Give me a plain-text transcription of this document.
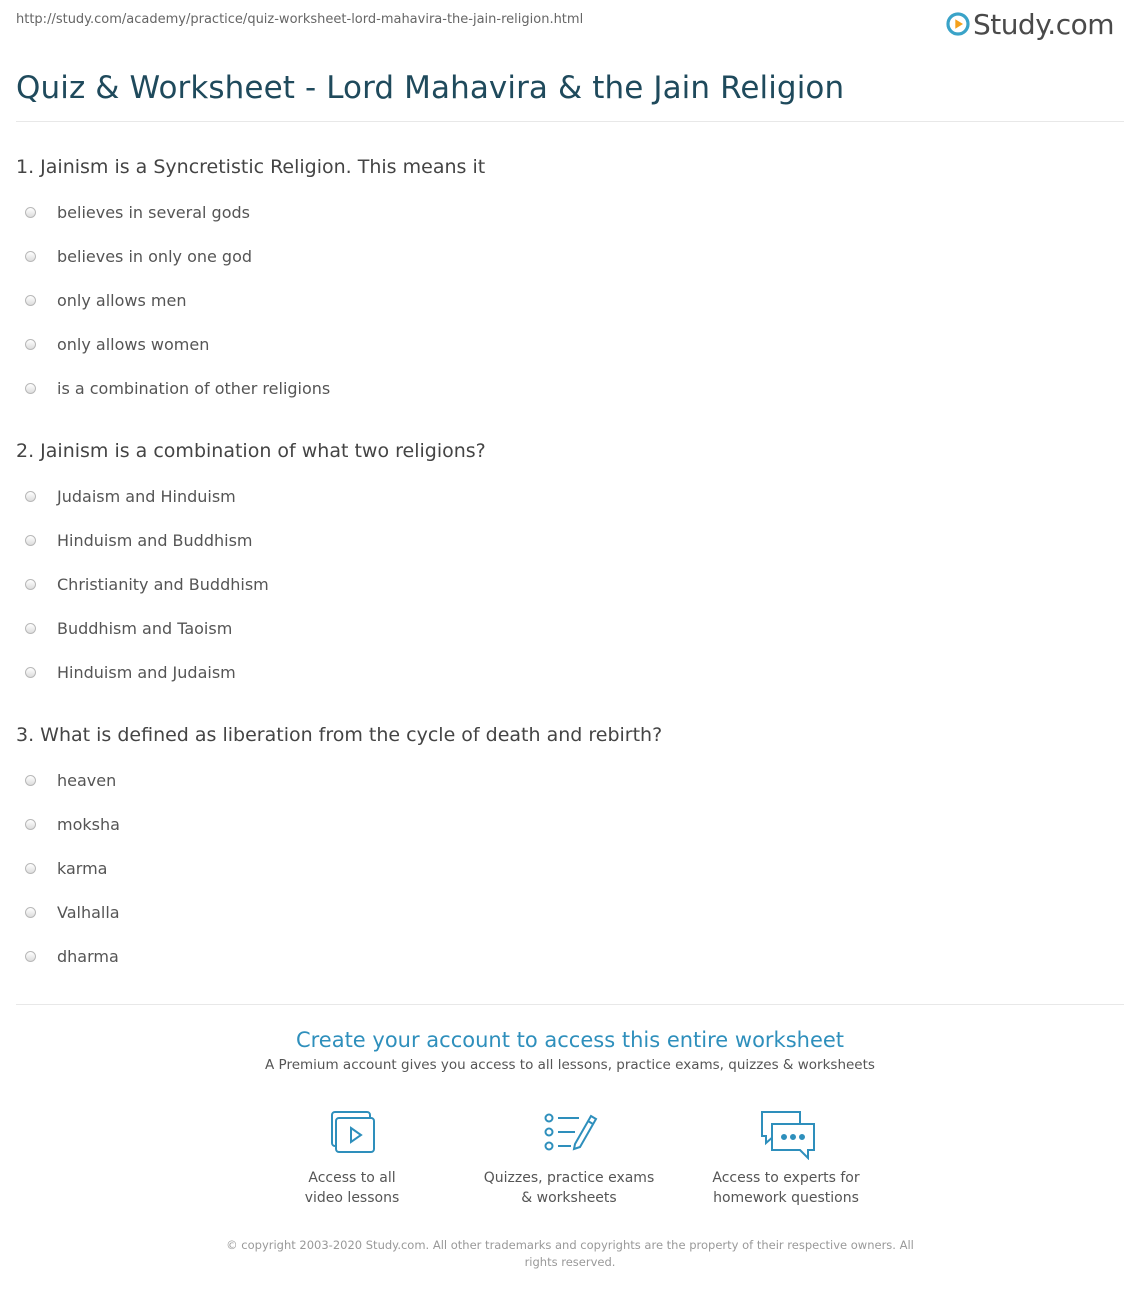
http://study.com/academy/practice/quiz-worksheet-lord-mahavira-the-jain-religion.html	Study.com
Quiz & Worksheet - Lord Mahavira & the Jain Religion

1. Jainism is a Syncretistic Religion. This means it

believes in several gods
believes in only one god
only allows men
only allows women
is a combination of other religions

2. Jainism is a combination of what two religions?

Judaism and Hinduism
Hinduism and Buddhism
Christianity and Buddhism
Buddhism and Taoism
Hinduism and Judaism

3. What is defined as liberation from the cycle of death and rebirth?

heaven
moksha
karma
Valhalla
dharma

Create your account to access this entire worksheet

A Premium account gives you access to all lessons, practice exams, quizzes & worksheets
Access to all
video lessons
Quizzes, practice exams
& worksheets
Access to experts for
homework questions
© copyright 2003-2020 Study.com. All other trademarks and copyrights are the property of their respective owners. All rights reserved.
